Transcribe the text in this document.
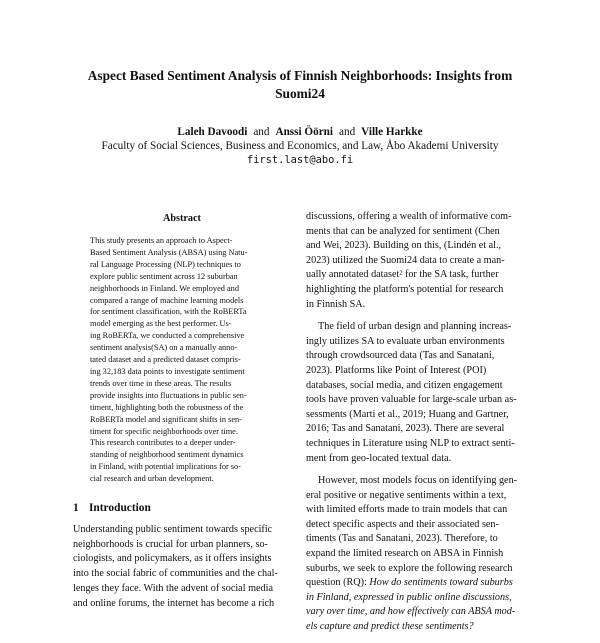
Aspect Based Sentiment Analysis of Finnish Neighborhoods: Insights from
Suomi24
Laleh Davoodi and Anssi Öörni and Ville Harkke
Faculty of Social Sciences, Business and Economics, and Law, Åbo Akademi University
first.last@abo.fi
Abstract
This study presents an approach to Aspect-
Based Sentiment Analysis (ABSA) using Natu-
ral Language Processing (NLP) techniques to
explore public sentiment across 12 suburban
neighborhoods in Finland. We employed and
compared a range of machine learning models
for sentiment classification, with the RoBERTa
model emerging as the best performer. Us-
ing RoBERTa, we conducted a comprehensive
sentiment analysis(SA) on a manually anno-
tated dataset and a predicted dataset compris-
ing 32,183 data points to investigate sentiment
trends over time in these areas. The results
provide insights into fluctuations in public sen-
timent, highlighting both the robustness of the
RoBERTa model and significant shifts in sen-
timent for specific neighborhoods over time.
This research contributes to a deeper under-
standing of neighborhood sentiment dynamics
in Finland, with potential implications for so-
cial research and urban development.
1 Introduction
Understanding public sentiment towards specific
neighborhoods is crucial for urban planners, so-
ciologists, and policymakers, as it offers insights
into the social fabric of communities and the chal-
lenges they face. With the advent of social media
and online forums, the internet has become a rich

discussions, offering a wealth of informative com-
ments that can be analyzed for sentiment (Chen
and Wei, 2023). Building on this, (Lindén et al.,
2023) utilized the Suomi24 data to create a man-
ually annotated dataset² for the SA task, further
highlighting the platform's potential for research
in Finnish SA.

The field of urban design and planning increas-
ingly utilizes SA to evaluate urban environments
through crowdsourced data (Tas and Sanatani,
2023). Platforms like Point of Interest (POI)
databases, social media, and citizen engagement
tools have proven valuable for large-scale urban as-
sessments (Martí et al., 2019; Huang and Gartner,
2016; Tas and Sanatani, 2023). There are several
techniques in Literature using NLP to extract senti-
ment from geo-located textual data.

However, most models focus on identifying gen-
eral positive or negative sentiments within a text,
with limited efforts made to train models that can
detect specific aspects and their associated sen-
timents (Tas and Sanatani, 2023). Therefore, to
expand the limited research on ABSA in Finnish
suburbs, we seek to explore the following research
question (RQ): How do sentiments toward suburbs
in Finland, expressed in public online discussions,
vary over time, and how effectively can ABSA mod-
els capture and predict these sentiments?
